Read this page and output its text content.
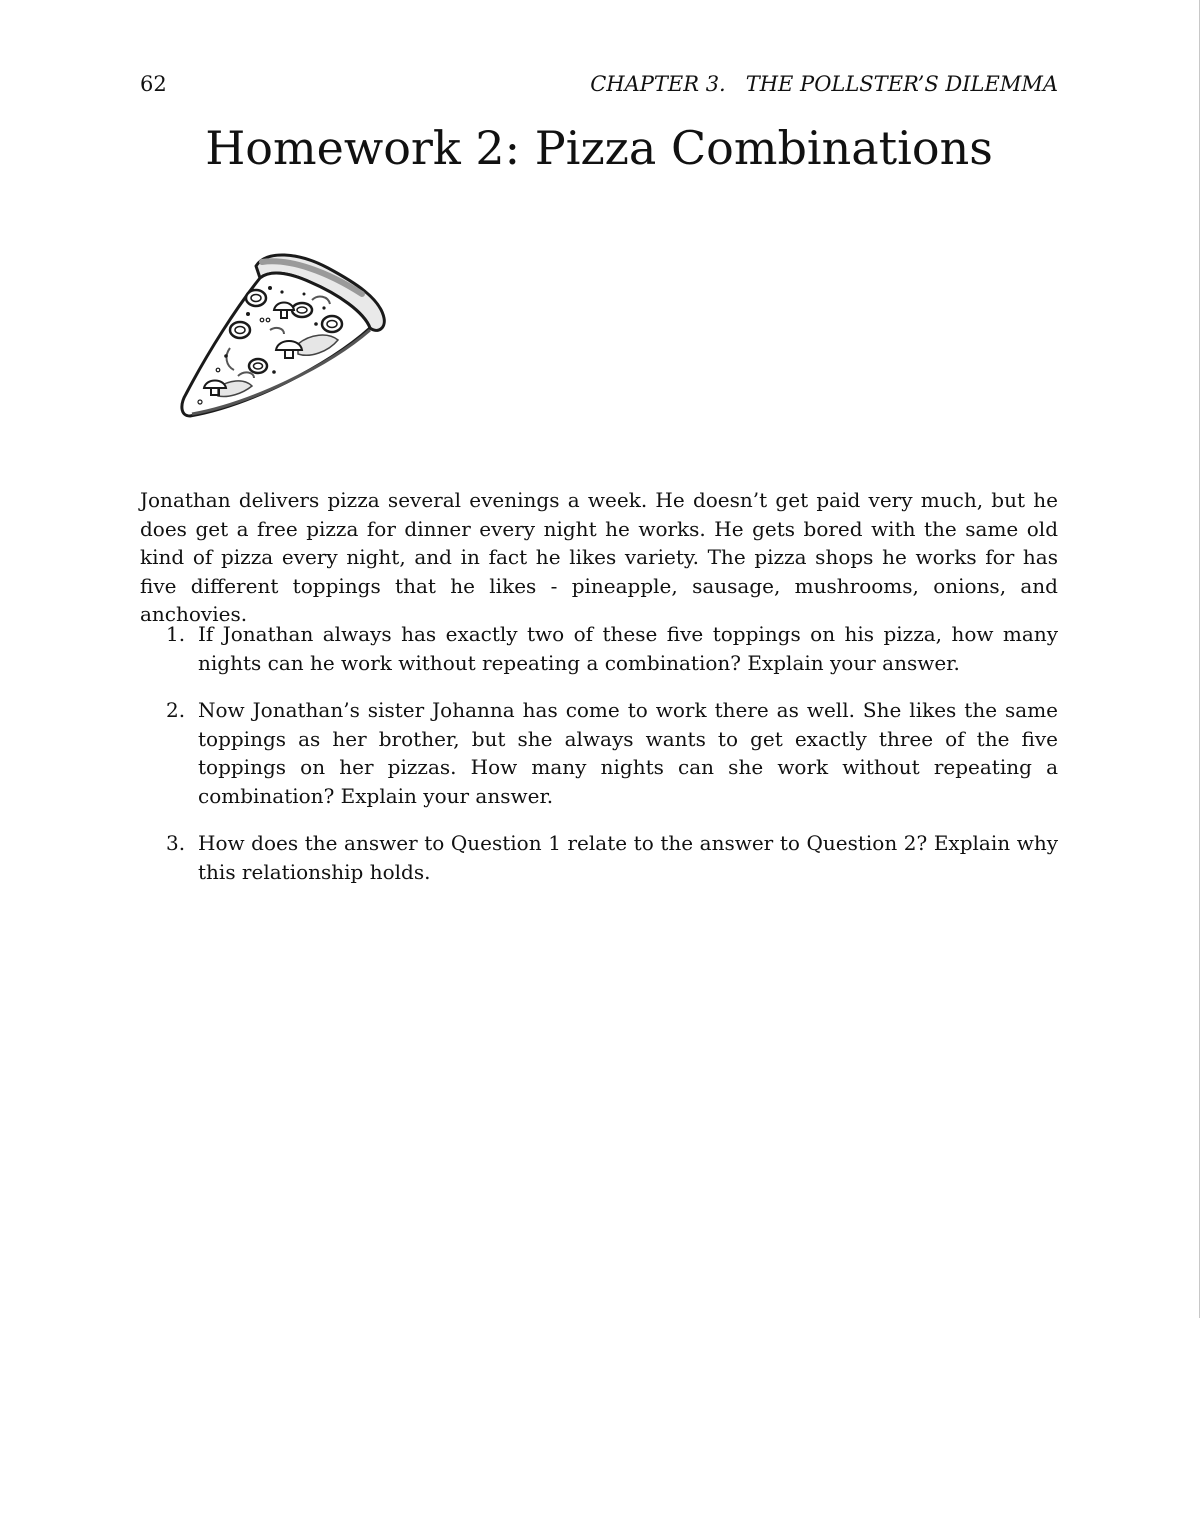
62	CHAPTER 3. THE POLLSTER’S DILEMMA
Homework 2: Pizza Combinations

Jonathan delivers pizza several evenings a week. He doesn’t get paid very much, but he does get a free pizza for dinner every night he works. He gets bored with the same old kind of pizza every night, and in fact he likes variety. The pizza shops he works for has five different toppings that he likes - pineapple, sausage, mushrooms, onions, and anchovies.

1. If Jonathan always has exactly two of these five toppings on his pizza, how many nights can he work without repeating a combination? Explain your answer.
2. Now Jonathan’s sister Johanna has come to work there as well. She likes the same toppings as her brother, but she always wants to get exactly three of the five toppings on her pizzas. How many nights can she work without repeating a combination? Explain your answer.
3. How does the answer to Question 1 relate to the answer to Question 2? Explain why this relationship holds.
